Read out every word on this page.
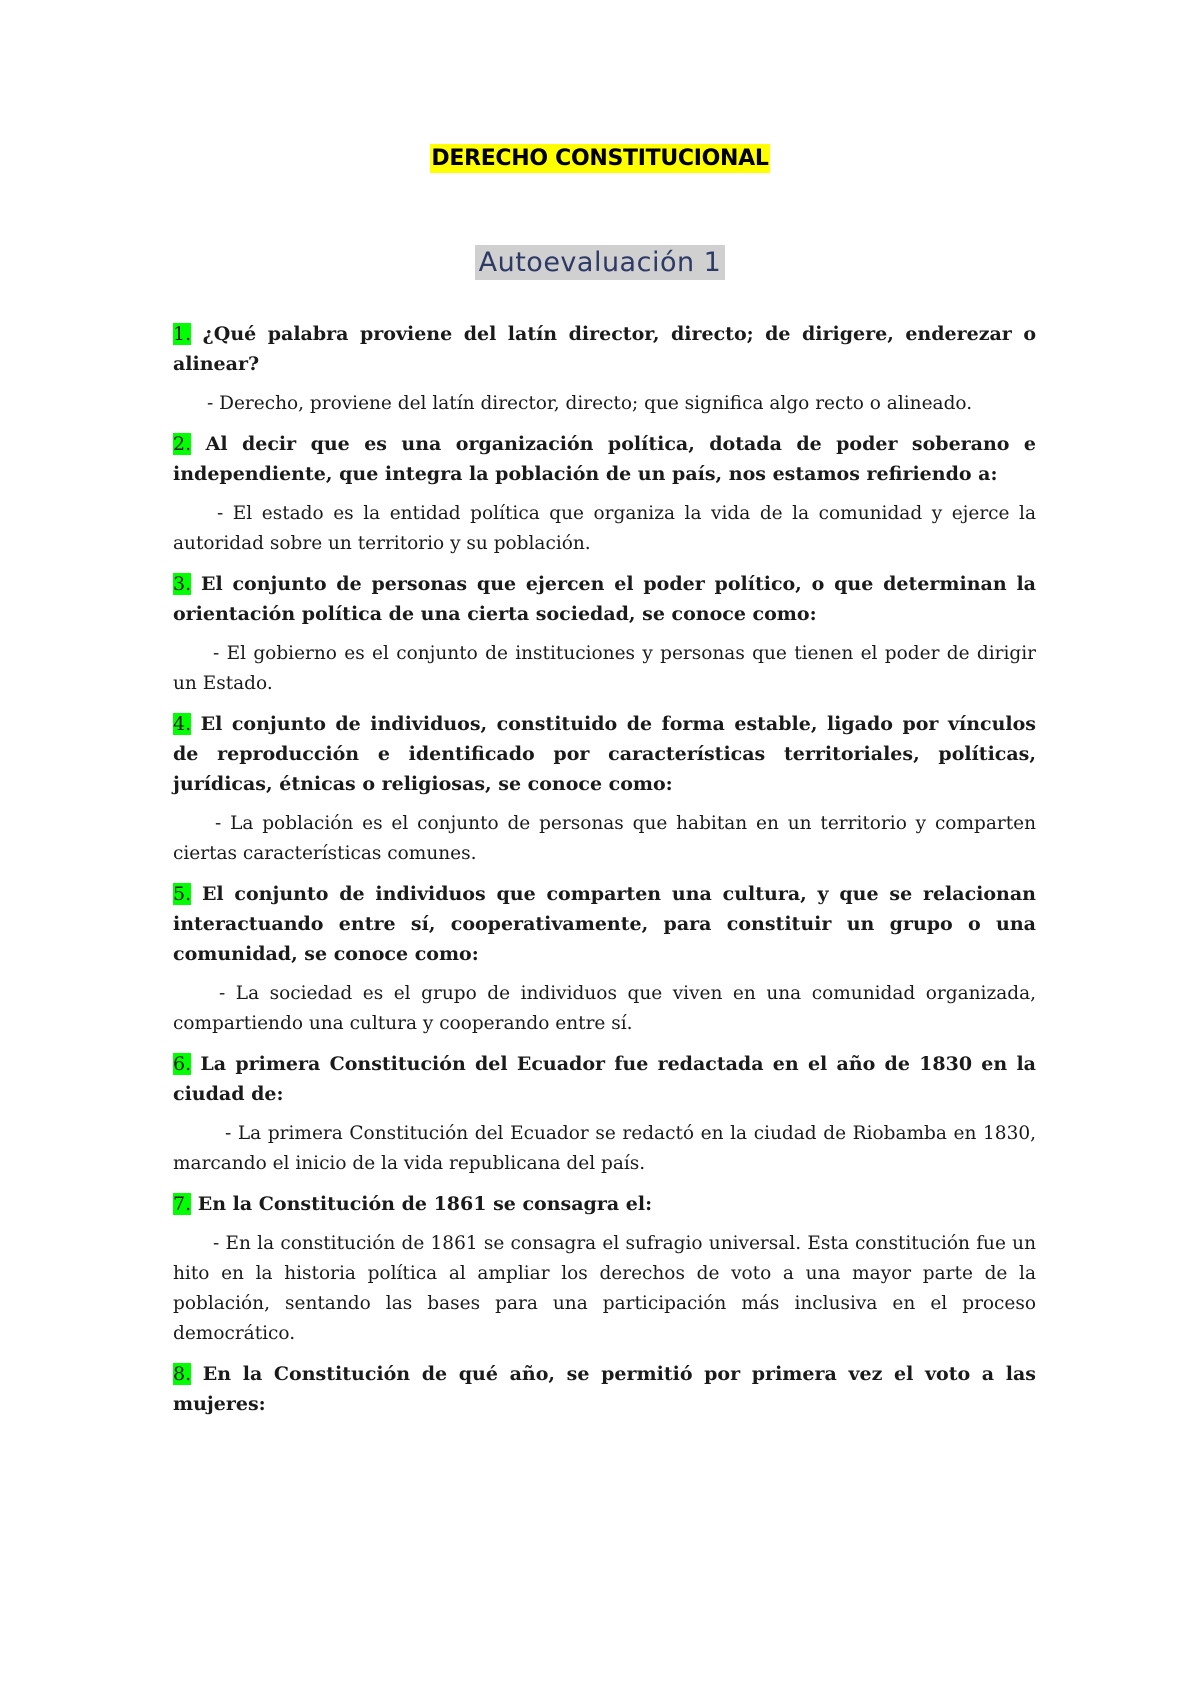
DERECHO CONSTITUCIONAL
Autoevaluación 1

1. ¿Qué palabra proviene del latín director, directo; de dirigere, enderezar o alinear?

- Derecho, proviene del latín director, directo; que significa algo recto o alineado.

2. Al decir que es una organización política, dotada de poder soberano e independiente, que integra la población de un país, nos estamos refiriendo a:

- El estado es la entidad política que organiza la vida de la comunidad y ejerce la autoridad sobre un territorio y su población.

3. El conjunto de personas que ejercen el poder político, o que determinan la orientación política de una cierta sociedad, se conoce como:

- El gobierno es el conjunto de instituciones y personas que tienen el poder de dirigir un Estado.

4. El conjunto de individuos, constituido de forma estable, ligado por vínculos de reproducción e identificado por características territoriales, políticas, jurídicas, étnicas o religiosas, se conoce como:

- La población es el conjunto de personas que habitan en un territorio y comparten ciertas características comunes.

5. El conjunto de individuos que comparten una cultura, y que se relacionan interactuando entre sí, cooperativamente, para constituir un grupo o una comunidad, se conoce como:

- La sociedad es el grupo de individuos que viven en una comunidad organizada, compartiendo una cultura y cooperando entre sí.

6. La primera Constitución del Ecuador fue redactada en el año de 1830 en la ciudad de:

- La primera Constitución del Ecuador se redactó en la ciudad de Riobamba en 1830, marcando el inicio de la vida republicana del país.

7. En la Constitución de 1861 se consagra el:

- En la constitución de 1861 se consagra el sufragio universal. Esta constitución fue un hito en la historia política al ampliar los derechos de voto a una mayor parte de la población, sentando las bases para una participación más inclusiva en el proceso democrático.

8. En la Constitución de qué año, se permitió por primera vez el voto a las mujeres:
